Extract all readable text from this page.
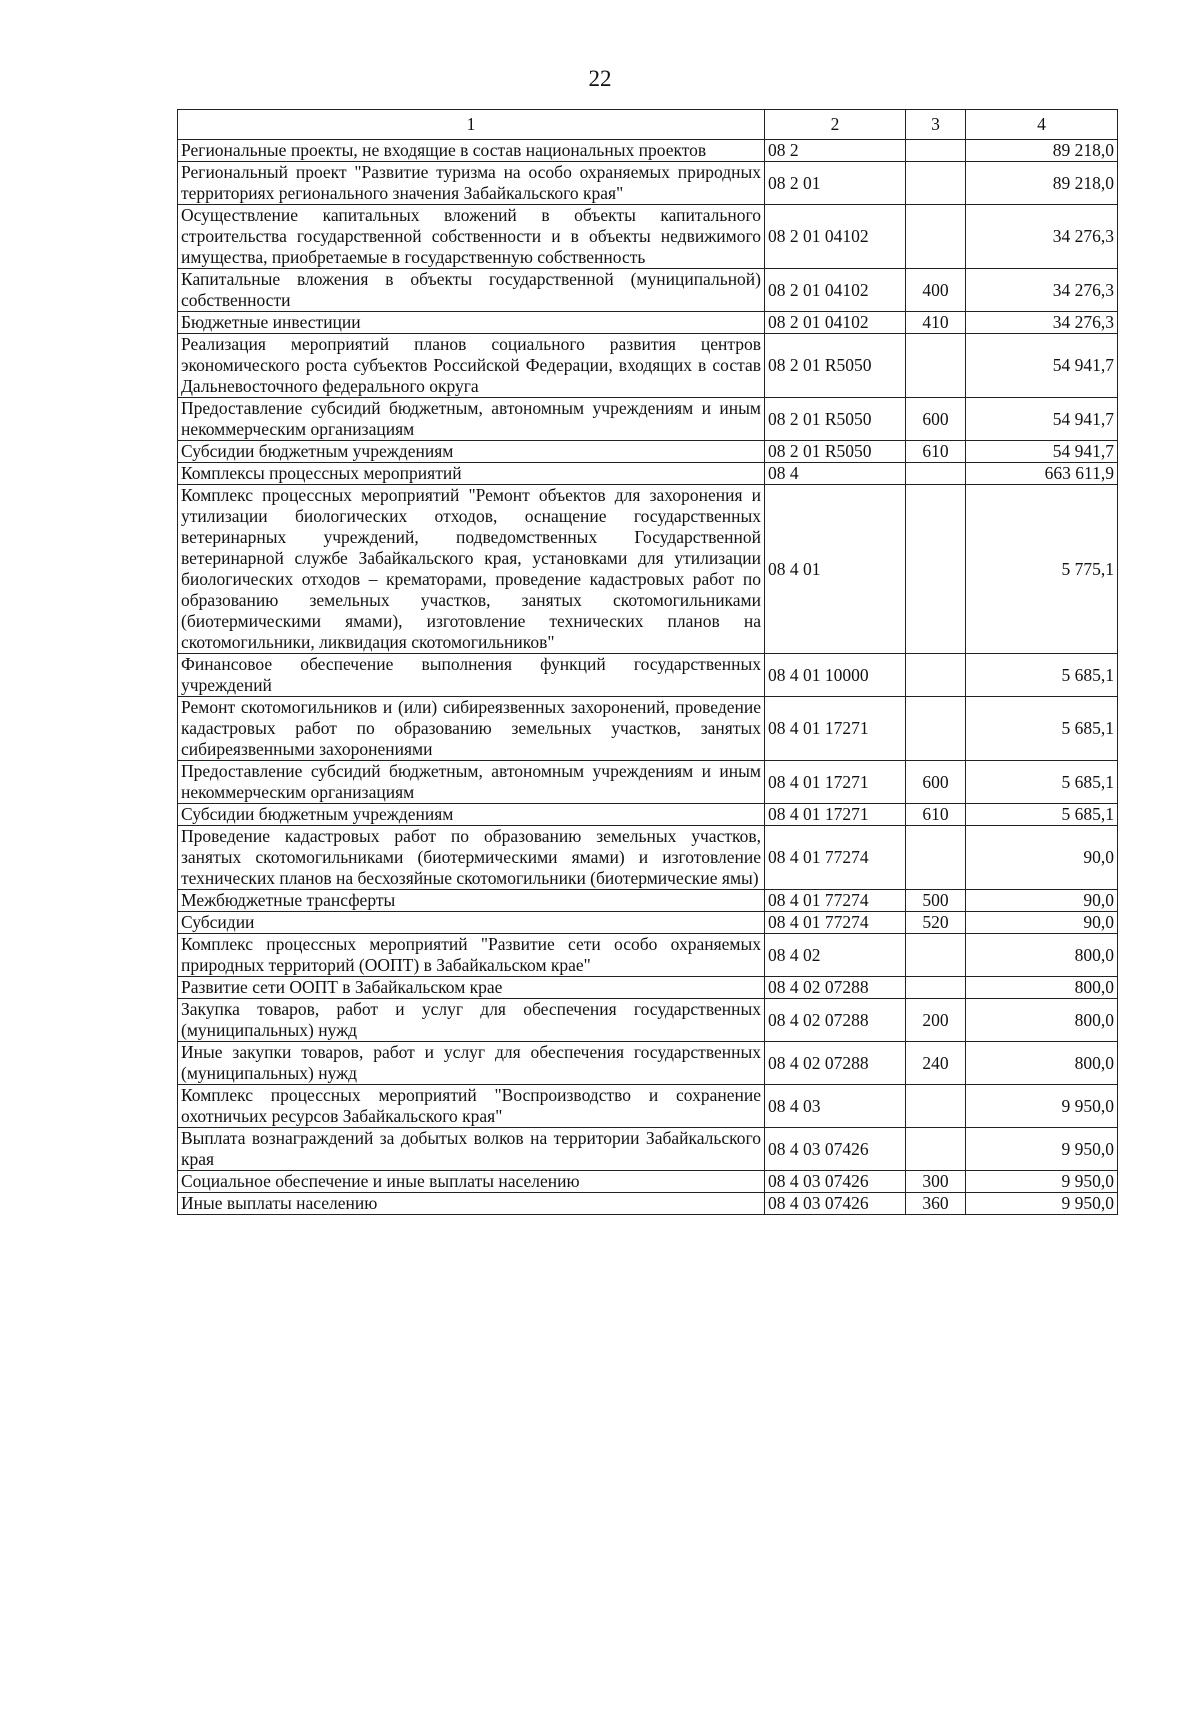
22
1	2	3	4
Региональные проекты, не входящие в состав национальных проектов	08 2		89 218,0
Региональный проект "Развитие туризма на особо охраняемых природных территориях регионального значения Забайкальского края"	08 2 01		89 218,0
Осуществление капитальных вложений в объекты капитального строительства государственной собственности и в объекты недвижимого имущества, приобретаемые в государственную собственность	08 2 01 04102		34 276,3
Капитальные вложения в объекты государственной (муниципальной) собственности	08 2 01 04102	400	34 276,3
Бюджетные инвестиции	08 2 01 04102	410	34 276,3
Реализация мероприятий планов социального развития центров экономического роста субъектов Российской Федерации, входящих в состав Дальневосточного федерального округа	08 2 01 R5050		54 941,7
Предоставление субсидий бюджетным, автономным учреждениям и иным некоммерческим организациям	08 2 01 R5050	600	54 941,7
Субсидии бюджетным учреждениям	08 2 01 R5050	610	54 941,7
Комплексы процессных мероприятий	08 4		663 611,9
Комплекс процессных мероприятий "Ремонт объектов для захоронения и утилизации биологических отходов, оснащение государственных ветеринарных учреждений, подведомственных Государственной ветеринарной службе Забайкальского края, установками для утилизации биологических отходов – крематорами, проведение кадастровых работ по образованию земельных участков, занятых скотомогильниками (биотермическими ямами), изготовление технических планов на скотомогильники, ликвидация скотомогильников"	08 4 01		5 775,1
Финансовое обеспечение выполнения функций государственных учреждений	08 4 01 10000		5 685,1
Ремонт скотомогильников и (или) сибиреязвенных захоронений, проведение кадастровых работ по образованию земельных участков, занятых сибиреязвенными захоронениями	08 4 01 17271		5 685,1
Предоставление субсидий бюджетным, автономным учреждениям и иным некоммерческим организациям	08 4 01 17271	600	5 685,1
Субсидии бюджетным учреждениям	08 4 01 17271	610	5 685,1
Проведение кадастровых работ по образованию земельных участков, занятых скотомогильниками (биотермическими ямами) и изготовление технических планов на бесхозяйные скотомогильники (биотермические ямы)	08 4 01 77274		90,0
Межбюджетные трансферты	08 4 01 77274	500	90,0
Субсидии	08 4 01 77274	520	90,0
Комплекс процессных мероприятий "Развитие сети особо охраняемых природных территорий (ООПТ) в Забайкальском крае"	08 4 02		800,0
Развитие сети ООПТ в Забайкальском крае	08 4 02 07288		800,0
Закупка товаров, работ и услуг для обеспечения государственных (муниципальных) нужд	08 4 02 07288	200	800,0
Иные закупки товаров, работ и услуг для обеспечения государственных (муниципальных) нужд	08 4 02 07288	240	800,0
Комплекс процессных мероприятий "Воспроизводство и сохранение охотничьих ресурсов Забайкальского края"	08 4 03		9 950,0
Выплата вознаграждений за добытых волков на территории Забайкальского края	08 4 03 07426		9 950,0
Социальное обеспечение и иные выплаты населению	08 4 03 07426	300	9 950,0
Иные выплаты населению	08 4 03 07426	360	9 950,0
